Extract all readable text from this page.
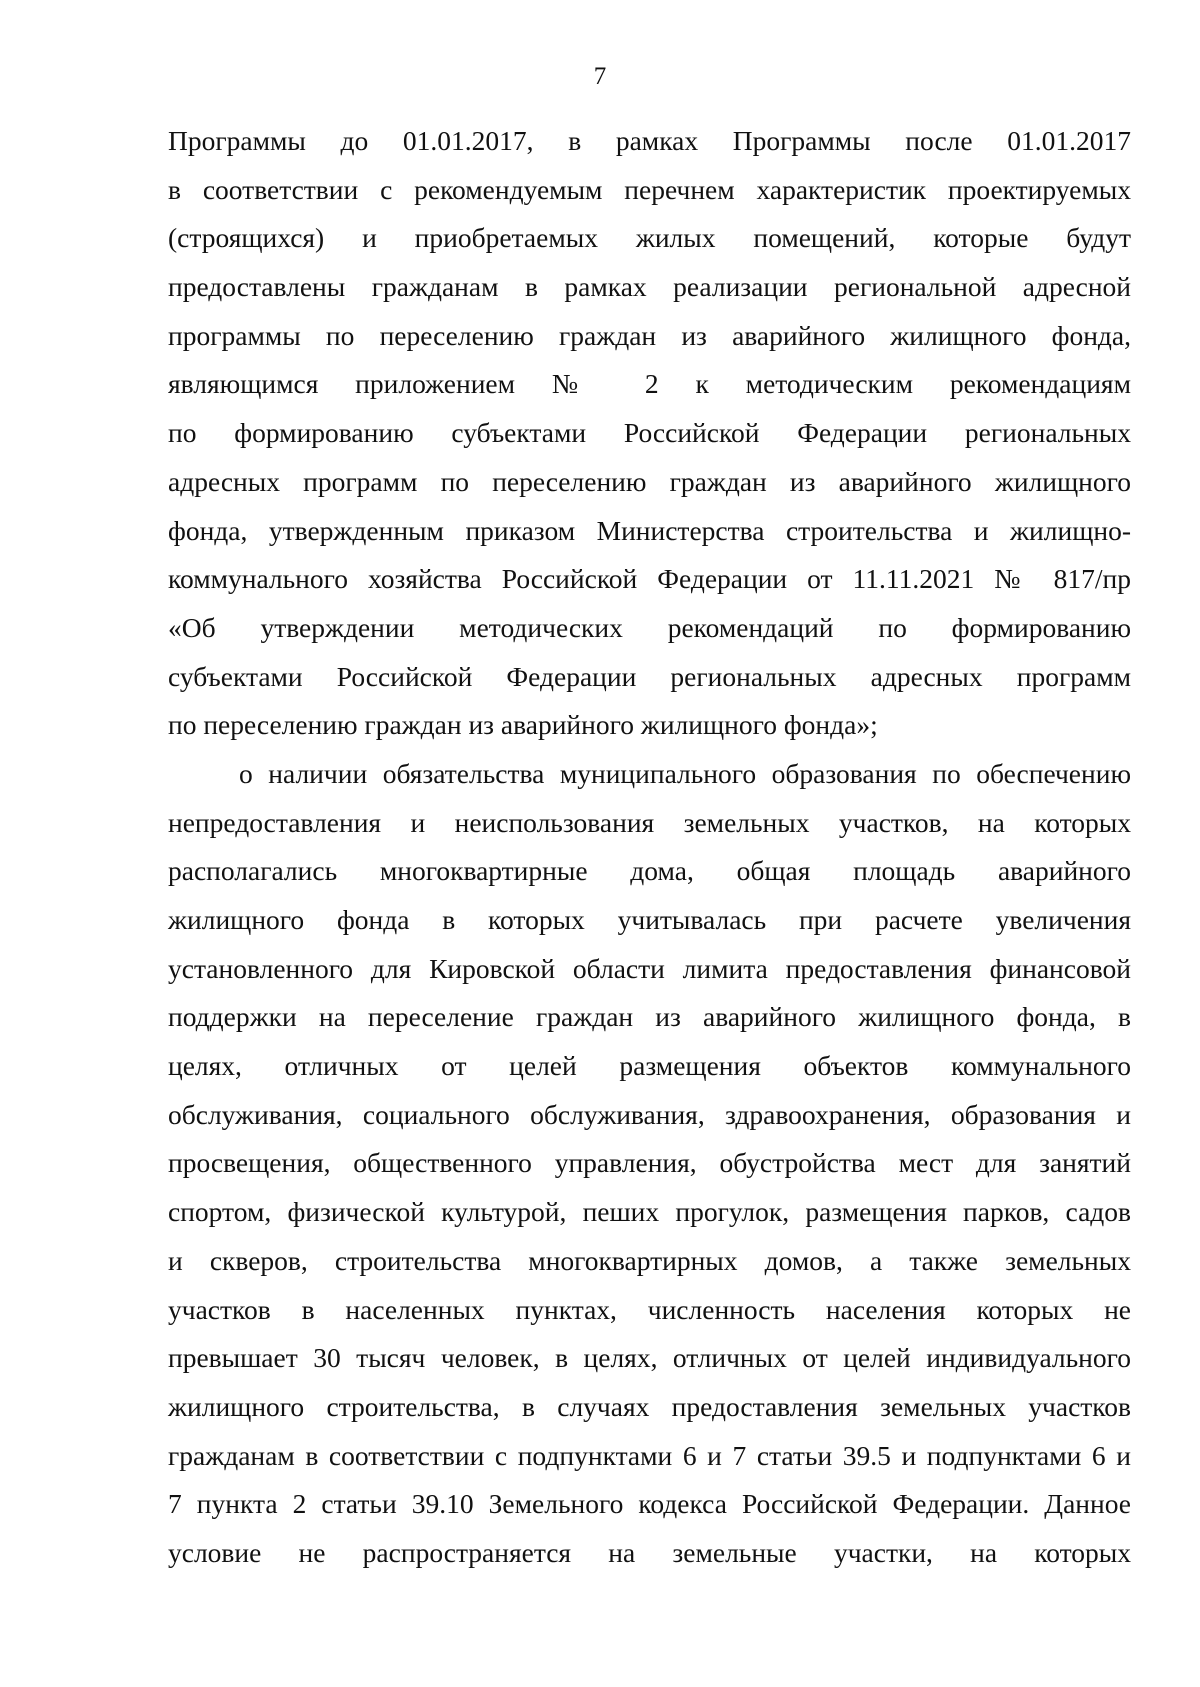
7
Программы до 01.01.2017, в рамках Программы после 01.01.2017
в соответствии с рекомендуемым перечнем характеристик проектируемых
(строящихся) и приобретаемых жилых помещений, которые будут
предоставлены гражданам в рамках реализации региональной адресной
программы по переселению граждан из аварийного жилищного фонда,
являющимся приложением № 2 к методическим рекомендациям
по формированию субъектами Российской Федерации региональных
адресных программ по переселению граждан из аварийного жилищного
фонда, утвержденным приказом Министерства строительства и жилищно-
коммунального хозяйства Российской Федерации от 11.11.2021 № 817/пр
«Об утверждении методических рекомендаций по формированию
субъектами Российской Федерации региональных адресных программ
по переселению граждан из аварийного жилищного фонда»;
о наличии обязательства муниципального образования по обеспечению
непредоставления и неиспользования земельных участков, на которых
располагались многоквартирные дома, общая площадь аварийного
жилищного фонда в которых учитывалась при расчете увеличения
установленного для Кировской области лимита предоставления финансовой
поддержки на переселение граждан из аварийного жилищного фонда, в
целях, отличных от целей размещения объектов коммунального
обслуживания, социального обслуживания, здравоохранения, образования и
просвещения, общественного управления, обустройства мест для занятий
спортом, физической культурой, пеших прогулок, размещения парков, садов
и скверов, строительства многоквартирных домов, а также земельных
участков в населенных пунктах, численность населения которых не
превышает 30 тысяч человек, в целях, отличных от целей индивидуального
жилищного строительства, в случаях предоставления земельных участков
гражданам в соответствии с подпунктами 6 и 7 статьи 39.5 и подпунктами 6 и
7 пункта 2 статьи 39.10 Земельного кодекса Российской Федерации. Данное
условие не распространяется на земельные участки, на которых
